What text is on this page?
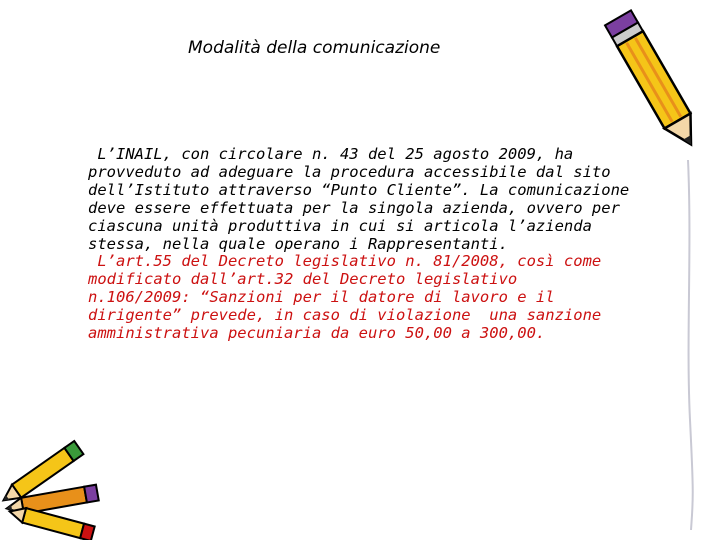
Modalità della comunicazione
L’INAIL, con circolare n. 43 del 25 agosto 2009, ha
provveduto ad adeguare la procedura accessibile dal sito
dell’Istituto attraverso “Punto Cliente”. La comunicazione
deve essere effettuata per la singola azienda, ovvero per
ciascuna unità produttiva in cui si articola l’azienda
stessa, nella quale operano i Rappresentanti.
L’art.55 del Decreto legislativo n. 81/2008, così come
modificato dall’art.32 del Decreto legislativo
n.106/2009: “Sanzioni per il datore di lavoro e il
dirigente” prevede, in caso di violazione  una sanzione
amministrativa pecuniaria da euro 50,00 a 300,00.
